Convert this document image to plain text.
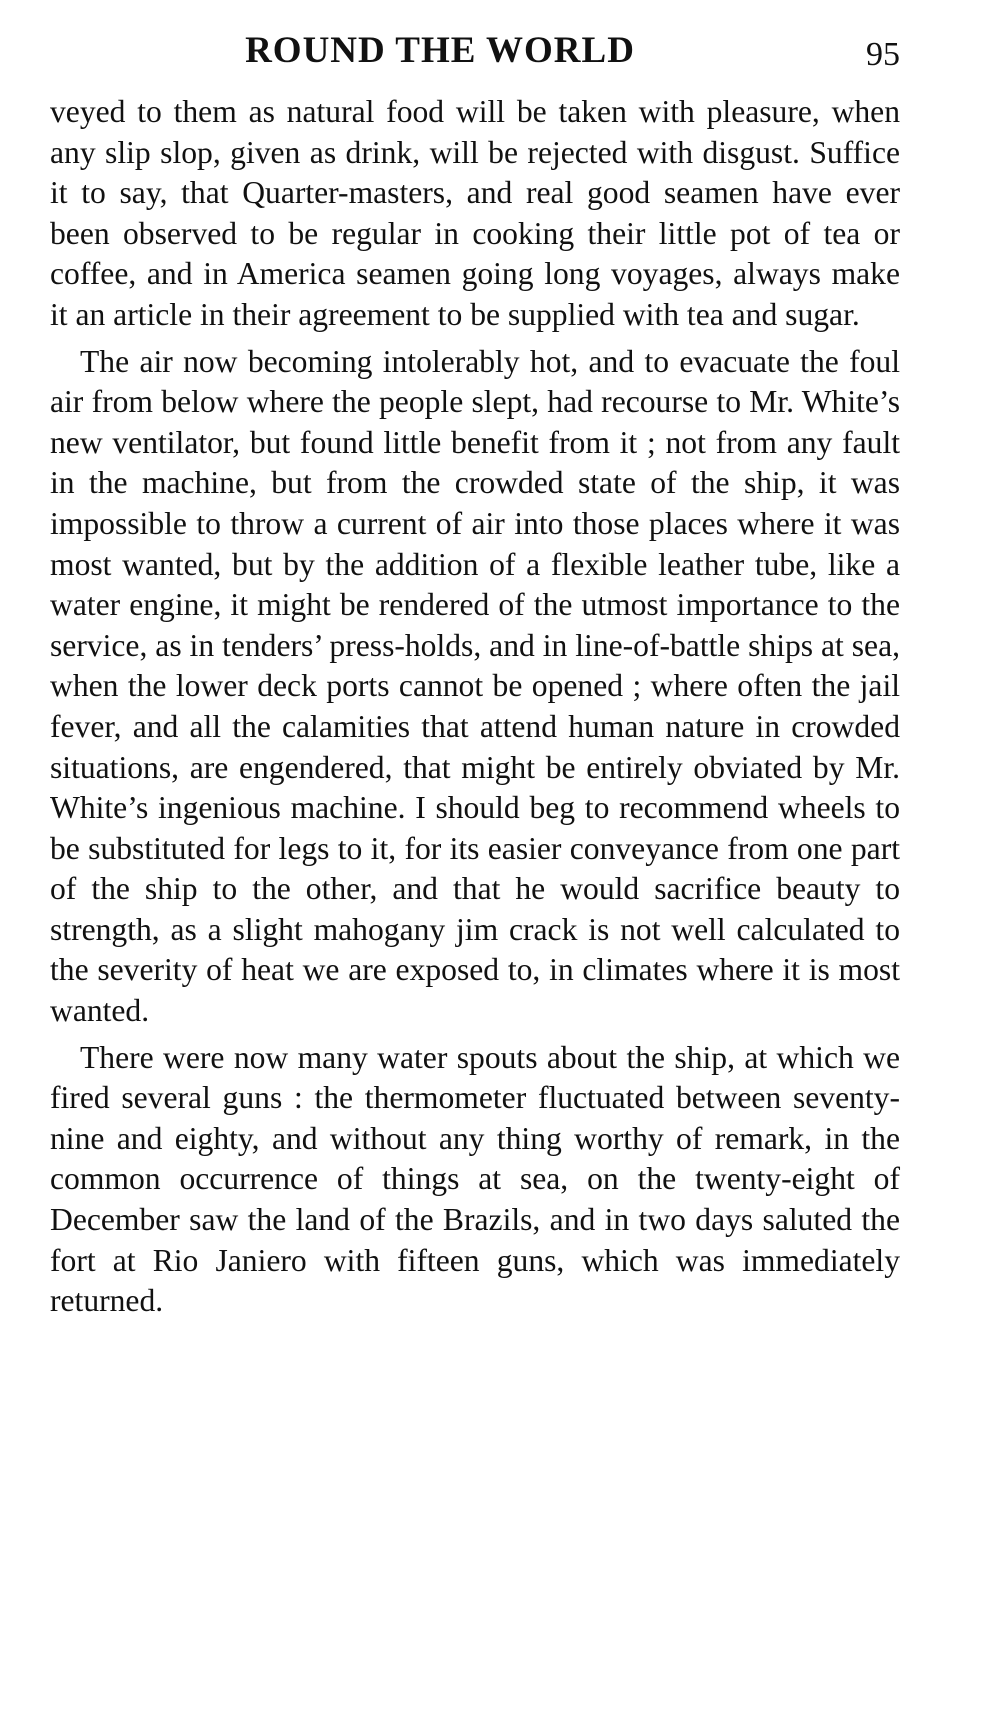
ROUND THE WORLD	95

veyed to them as natural food will be taken with pleasure, when any slip slop, given as drink, will be rejected with disgust. Suffice it to say, that Quarter-masters, and real good seamen have ever been observed to be regular in cooking their little pot of tea or coffee, and in America seamen going long voyages, always make it an article in their agreement to be supplied with tea and sugar.

The air now becoming intolerably hot, and to evacuate the foul air from below where the people slept, had recourse to Mr. White’s new ventilator, but found little benefit from it ; not from any fault in the machine, but from the crowded state of the ship, it was impossible to throw a current of air into those places where it was most wanted, but by the addition of a flexible leather tube, like a water engine, it might be rendered of the utmost importance to the service, as in tenders’ press-holds, and in line-of-battle ships at sea, when the lower deck ports cannot be opened ; where often the jail fever, and all the calamities that attend human nature in crowded situations, are engendered, that might be entirely obviated by Mr. White’s ingenious machine. I should beg to recommend wheels to be substituted for legs to it, for its easier conveyance from one part of the ship to the other, and that he would sacrifice beauty to strength, as a slight mahogany jim crack is not well calculated to the severity of heat we are exposed to, in climates where it is most wanted.

There were now many water spouts about the ship, at which we fired several guns : the thermometer fluctuated between seventy-nine and eighty, and without any thing worthy of remark, in the common occurrence of things at sea, on the twenty-eight of December saw the land of the Brazils, and in two days saluted the fort at Rio Janiero with fifteen guns, which was immediately returned.
